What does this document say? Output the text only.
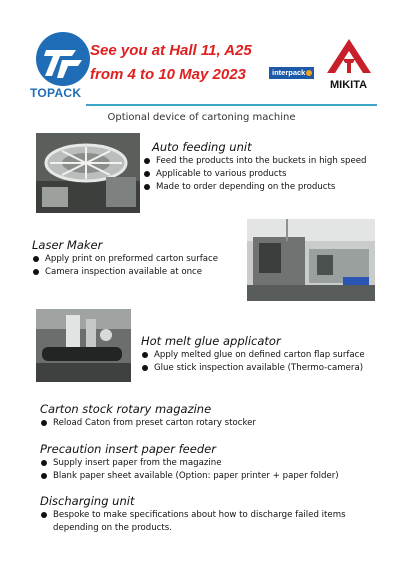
TOPACK
See you at Hall 11, A25
from 4 to 10 May 2023	interpack
MIKITA
Optional device of cartoning machine
Auto feeding unit
Feed the products into the buckets in high speed
Applicable to various products
Made to order depending on the products
Laser Maker
Apply print on preformed carton surface
Camera inspection available at once
Hot melt glue applicator
Apply melted glue on defined carton flap surface
Glue stick inspection available (Thermo-camera)
Carton stock rotary magazine
Reload Caton from preset carton rotary stocker
Precaution insert paper feeder
Supply insert paper from the magazine
Blank paper sheet available (Option: paper printer + paper folder)
Discharging unit
Bespoke to make specifications about how to discharge failed items
depending on the products.
